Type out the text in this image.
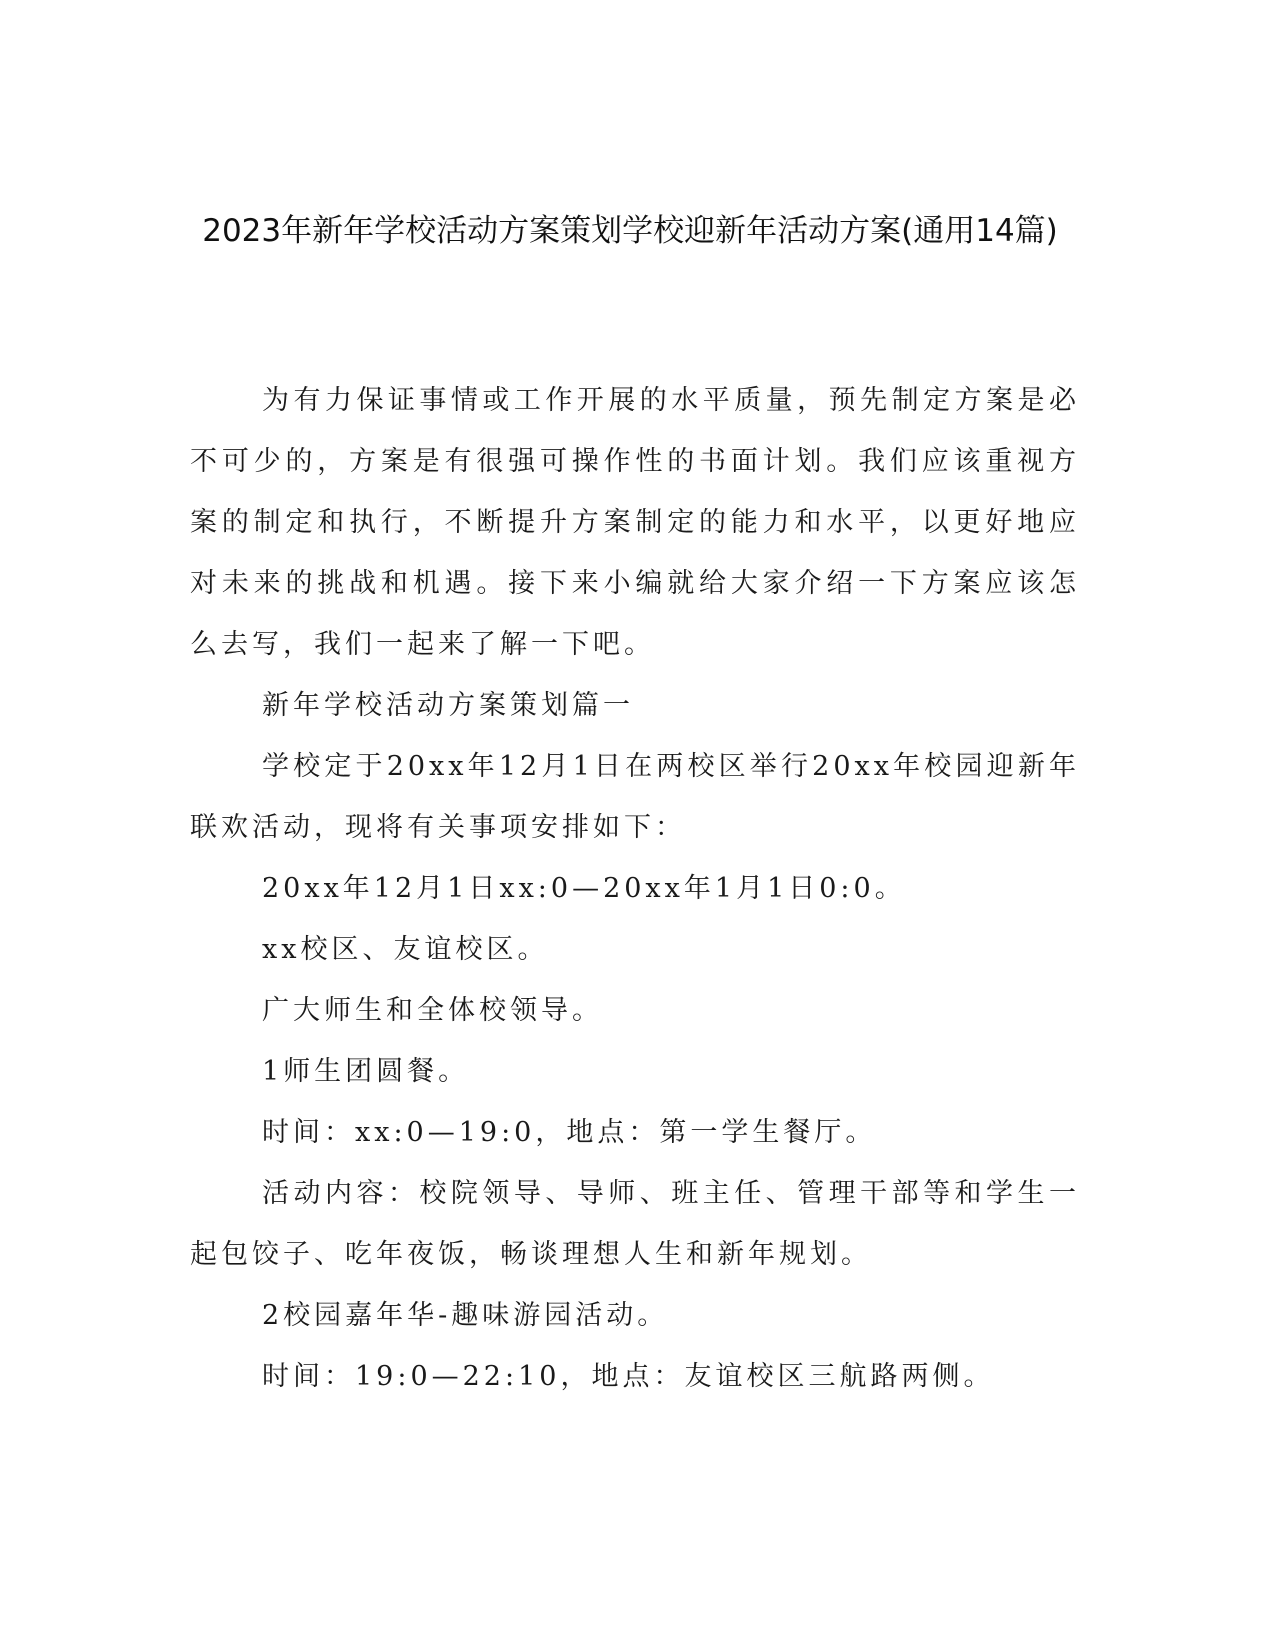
2023年新年学校活动方案策划学校迎新年活动方案(通用14篇)

为有力保证事情或工作开展的水平质量，预先制定方案是必不可少的，方案是有很强可操作性的书面计划。我们应该重视方案的制定和执行，不断提升方案制定的能力和水平，以更好地应对未来的挑战和机遇。接下来小编就给大家介绍一下方案应该怎么去写，我们一起来了解一下吧。

新年学校活动方案策划篇一

学校定于20xx年12月1日在两校区举行20xx年校园迎新年联欢活动，现将有关事项安排如下：

20xx年12月1日xx:0—20xx年1月1日0:0。

xx校区、友谊校区。

广大师生和全体校领导。

1师生团圆餐。

时间：xx:0—19:0，地点：第一学生餐厅。

活动内容：校院领导、导师、班主任、管理干部等和学生一起包饺子、吃年夜饭，畅谈理想人生和新年规划。

2校园嘉年华-趣味游园活动。

时间：19:0—22:10，地点：友谊校区三航路两侧。
